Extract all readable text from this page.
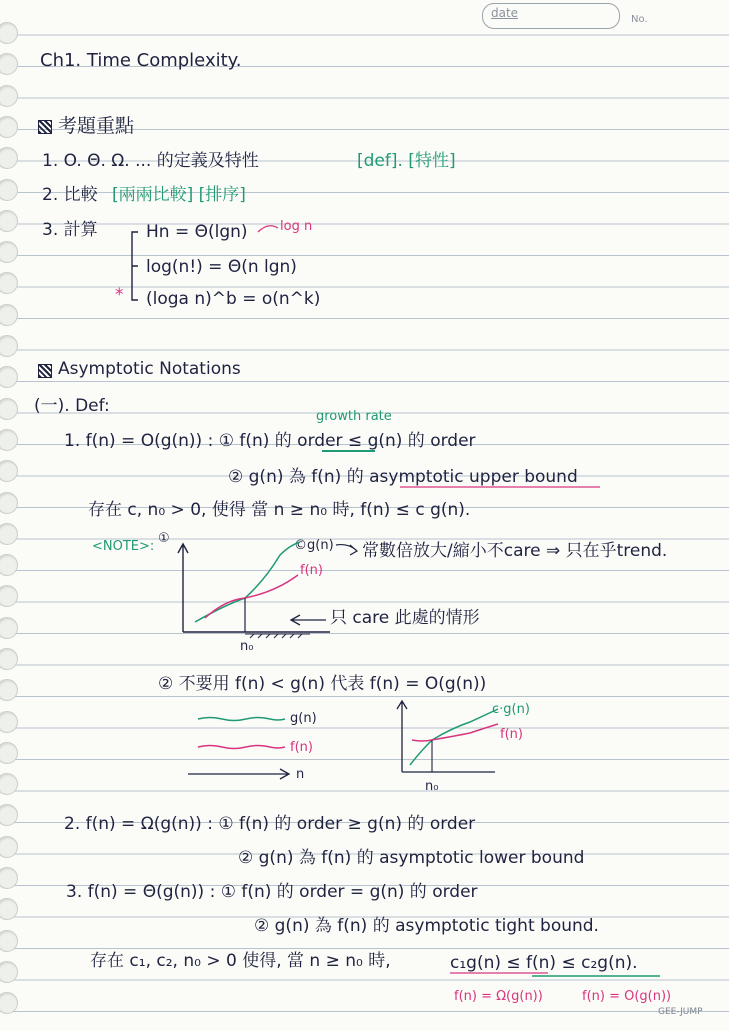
date	No.
Ch1. Time Complexity.
考題重點
1. O. Θ. Ω. ... 的定義及特性	[def]. [特性]
2. 比較 [兩兩比較] [排序]
3. 計算	Hn = Θ(lgn) log n
log(n!) = Θ(n lgn)
* (loga n)^b = o(n^k)
Asymptotic Notations
(一). Def:
growth rate
1. f(n) = O(g(n)) : ① f(n) 的 order ≤ g(n) 的 order
② g(n) 為 f(n) 的 asymptotic upper bound
存在 c, n₀ > 0, 使得 當 n ≥ n₀ 時, f(n) ≤ c g(n).
<NOTE>:
①	©g(n)
f(n)
n₀
常數倍放大/縮小不care ⇒ 只在乎trend.
只 care 此處的情形
② 不要用 f(n) < g(n) 代表 f(n) = O(g(n))
g(n)
f(n)
n
c·g(n)
f(n)
n₀
2. f(n) = Ω(g(n)) : ① f(n) 的 order ≥ g(n) 的 order
② g(n) 為 f(n) 的 asymptotic lower bound
3. f(n) = Θ(g(n)) : ① f(n) 的 order = g(n) 的 order
② g(n) 為 f(n) 的 asymptotic tight bound.
存在 c₁, c₂, n₀ > 0 使得, 當 n ≥ n₀ 時,	c₁g(n) ≤ f(n) ≤ c₂g(n).
f(n) = Ω(g(n))	f(n) = O(g(n))
GEE-JUMP
